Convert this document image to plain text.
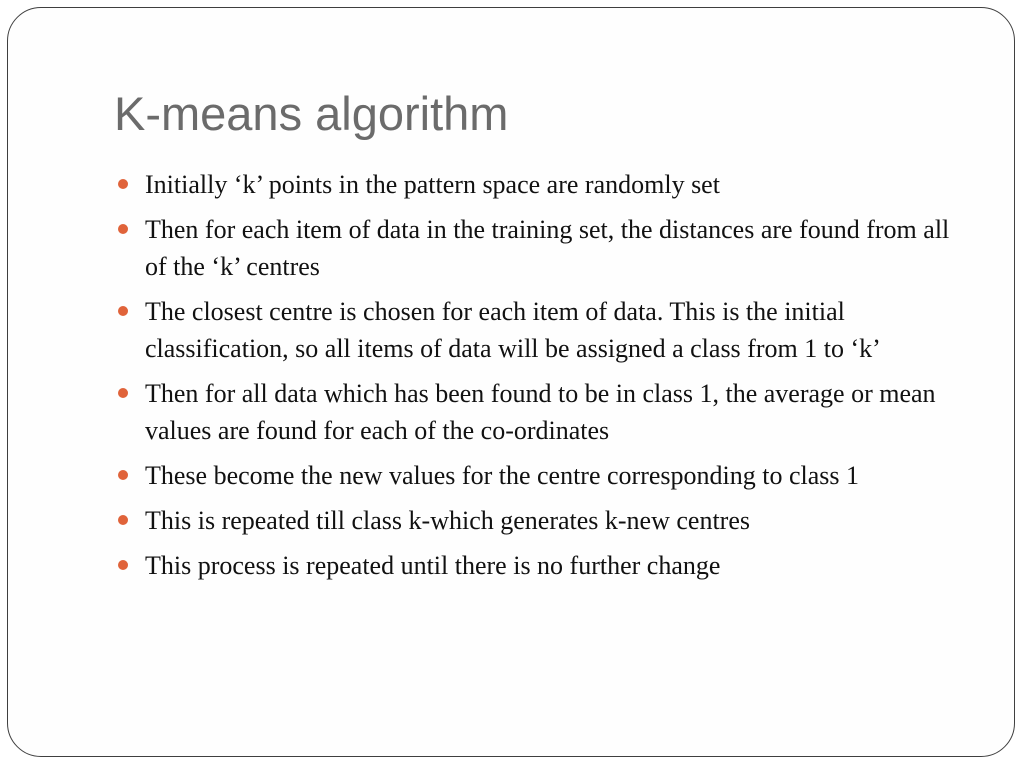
K-means algorithm
Initially ‘k’ points in the pattern space are randomly set
Then for each item of data in the training set, the distances are found from all of the ‘k’ centres
The closest centre is chosen for each item of data. This is the initial classification, so all items of data will be assigned a class from 1 to ‘k’
Then for all data which has been found to be in class 1, the average or mean values are found for each of the co-ordinates
These become the new values for the centre corresponding to class 1
This is repeated till class k-which generates k-new centres
This process is repeated until there is no further change
